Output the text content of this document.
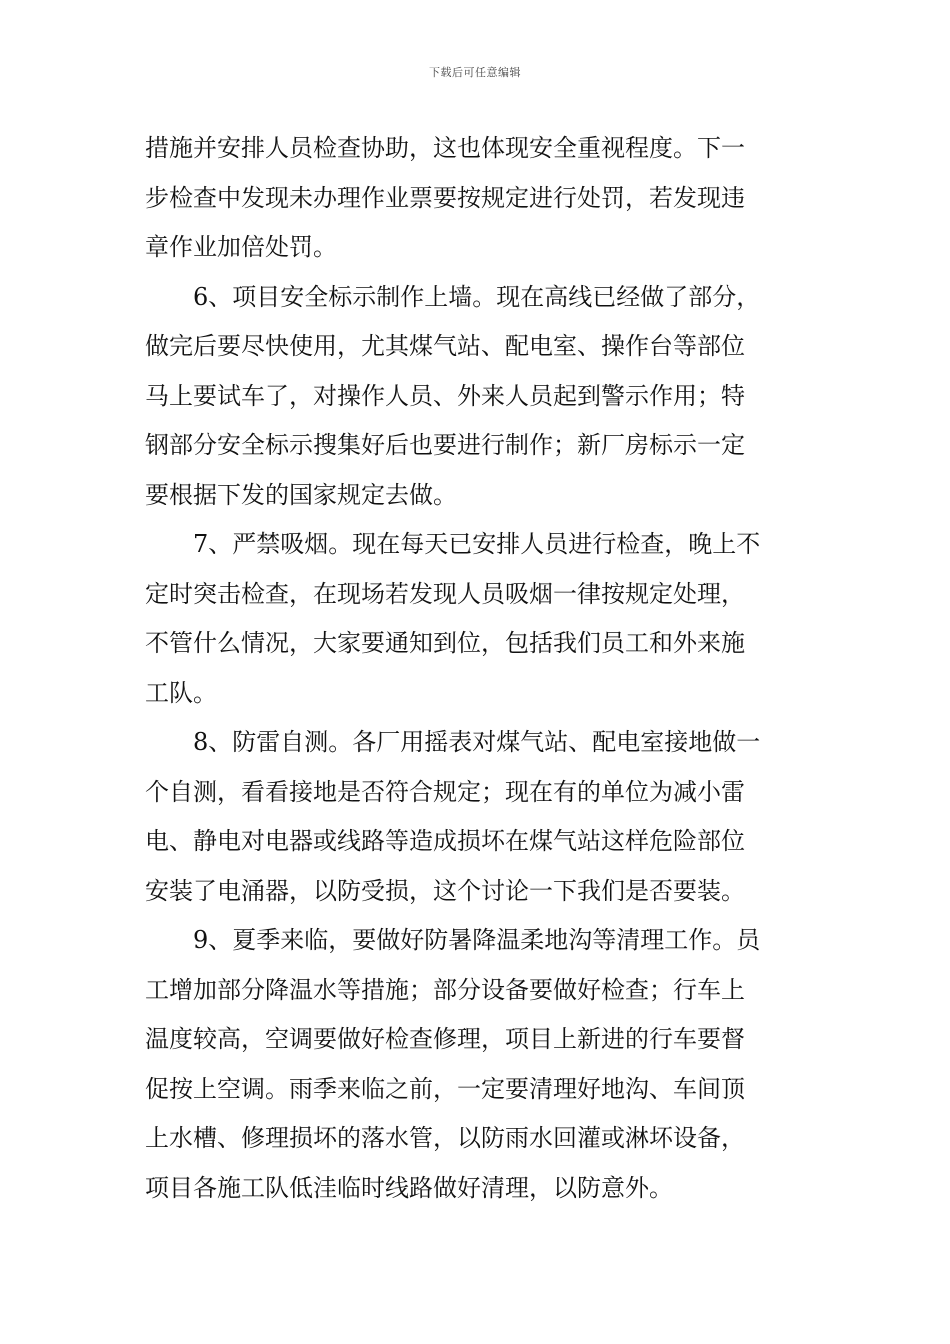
下载后可任意编辑
措施并安排人员检查协助，这也体现安全重视程度。下一
步检查中发现未办理作业票要按规定进行处罚，若发现违
章作业加倍处罚。
6、项目安全标示制作上墙。现在高线已经做了部分，
做完后要尽快使用，尤其煤气站、配电室、操作台等部位
马上要试车了，对操作人员、外来人员起到警示作用；特
钢部分安全标示搜集好后也要进行制作；新厂房标示一定
要根据下发的国家规定去做。
7、严禁吸烟。现在每天已安排人员进行检查，晚上不
定时突击检查，在现场若发现人员吸烟一律按规定处理，
不管什么情况，大家要通知到位，包括我们员工和外来施
工队。
8、防雷自测。各厂用摇表对煤气站、配电室接地做一
个自测，看看接地是否符合规定；现在有的单位为减小雷
电、静电对电器或线路等造成损坏在煤气站这样危险部位
安装了电涌器，以防受损，这个讨论一下我们是否要装。
9、夏季来临，要做好防暑降温柔地沟等清理工作。员
工增加部分降温水等措施；部分设备要做好检查；行车上
温度较高，空调要做好检查修理，项目上新进的行车要督
促按上空调。雨季来临之前，一定要清理好地沟、车间顶
上水槽、修理损坏的落水管，以防雨水回灌或淋坏设备，
项目各施工队低洼临时线路做好清理，以防意外。
